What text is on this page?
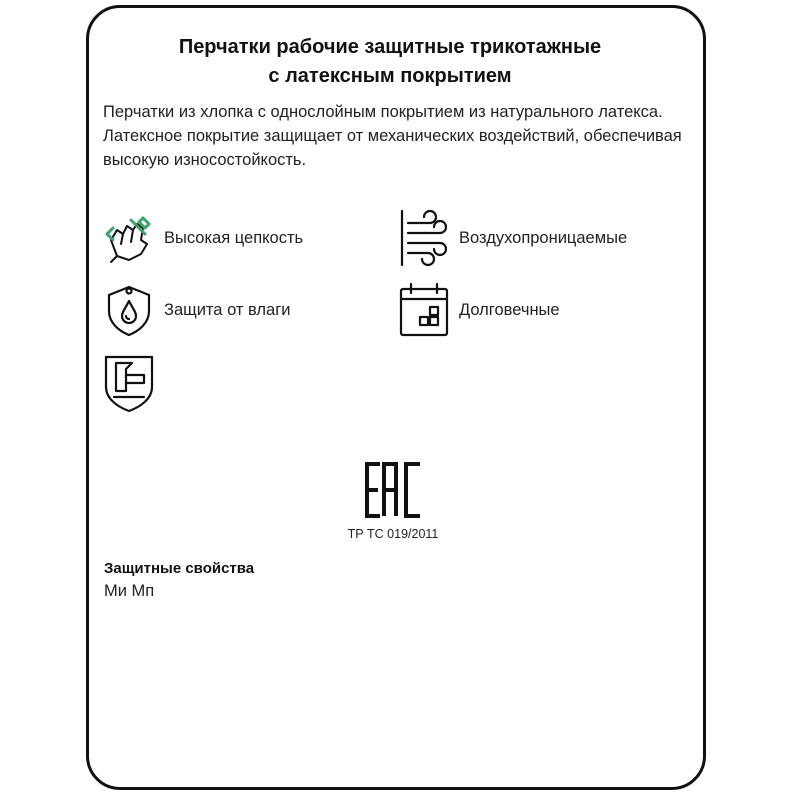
Перчатки рабочие защитные трикотажные
с латексным покрытием
Перчатки из хлопка с однослойным покрытием из натурального латекса. Латексное покрытие защищает от механических воздействий, обеспечивая высокую износостойкость.
Высокая цепкость	Воздухопроницаемые
Защита от влаги	Долговечные
ТР ТС 019/2011
Защитные свойства
Ми Мп
